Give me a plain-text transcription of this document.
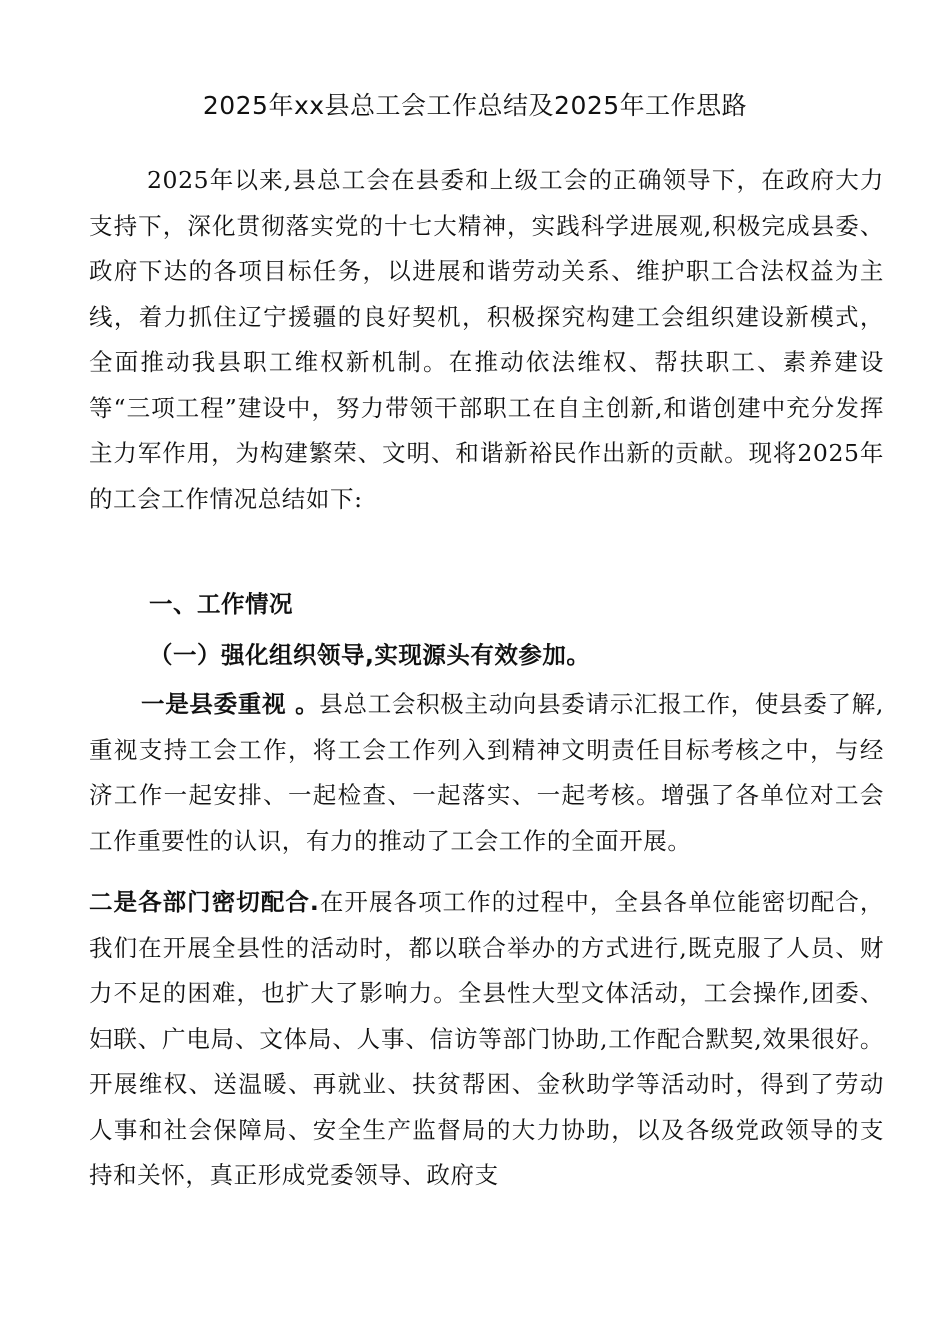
2025年xx县总工会工作总结及2025年工作思路

2025年以来,县总工会在县委和上级工会的正确领导下，在政府大力支持下，深化贯彻落实党的十七大精神，实践科学进展观,积极完成县委、政府下达的各项目标任务，以进展和谐劳动关系、维护职工合法权益为主线，着力抓住辽宁援疆的良好契机，积极探究构建工会组织建设新模式，全面推动我县职工维权新机制。在推动依法维权、帮扶职工、素养建设等“三项工程”建设中，努力带领干部职工在自主创新,和谐创建中充分发挥主力军作用，为构建繁荣、文明、和谐新裕民作出新的贡献。现将2025年的工会工作情况总结如下:

一、工作情况
（一）强化组织领导,实现源头有效参加。

一是县委重视 。县总工会积极主动向县委请示汇报工作，使县委了解,重视支持工会工作，将工会工作列入到精神文明责任目标考核之中，与经济工作一起安排、一起检查、一起落实、一起考核。增强了各单位对工会工作重要性的认识，有力的推动了工会工作的全面开展。

二是各部门密切配合.在开展各项工作的过程中，全县各单位能密切配合，我们在开展全县性的活动时，都以联合举办的方式进行,既克服了人员、财力不足的困难，也扩大了影响力。全县性大型文体活动，工会操作,团委、妇联、广电局、文体局、人事、信访等部门协助,工作配合默契,效果很好。开展维权、送温暖、再就业、扶贫帮困、金秋助学等活动时，得到了劳动人事和社会保障局、安全生产监督局的大力协助，以及各级党政领导的支持和关怀，真正形成党委领导、政府支
